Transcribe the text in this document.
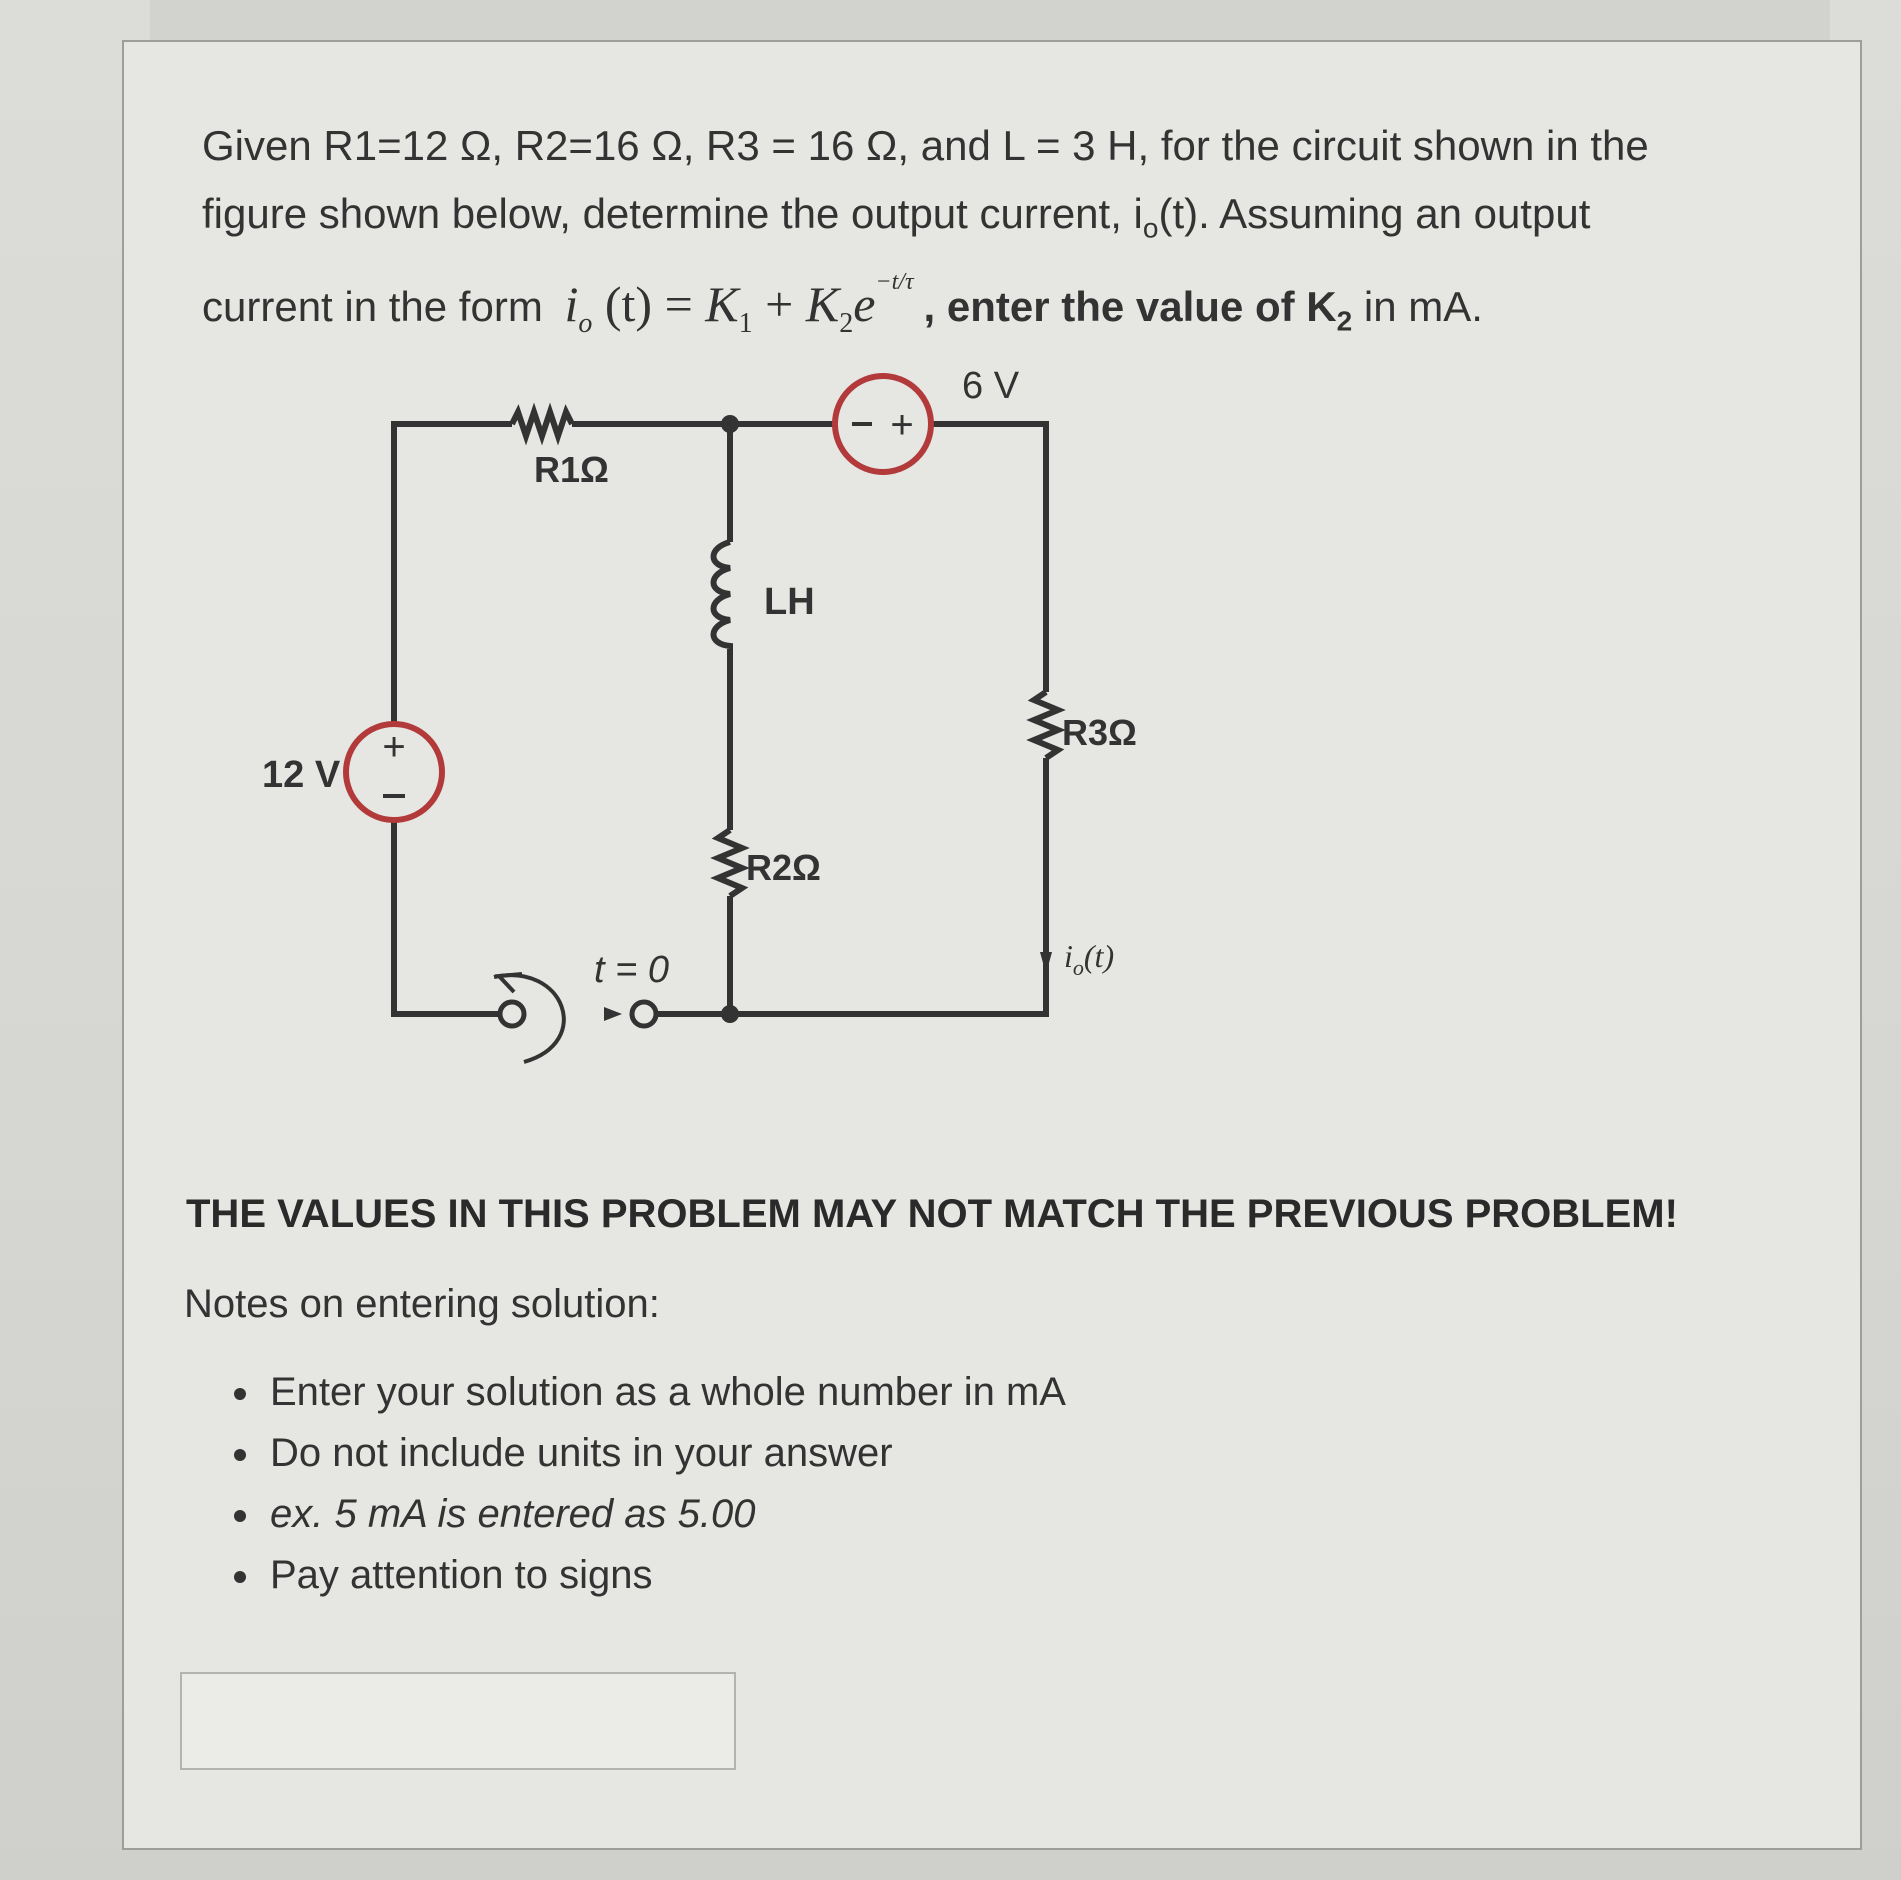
Given R1=12 Ω, R2=16 Ω, R3 = 16 Ω, and L = 3 H, for the circuit shown in the
figure shown below, determine the output current, $i_o(t)$. Assuming an output
current in the form $i_o$ $(t) = K_1 + K_2e^{-t/\tau}$, enter the value of $K_2$ in mA.
+
+
12 V
6 V
R1Ω
LH
R2Ω
R3Ω
t = 0	$i_o(t)$
THE VALUES IN THIS PROBLEM MAY NOT MATCH THE PREVIOUS PROBLEM!
Notes on entering solution:
• Enter your solution as a whole number in mA
• Do not include units in your answer
• ex. 5 mA is entered as 5.00
• Pay attention to signs
